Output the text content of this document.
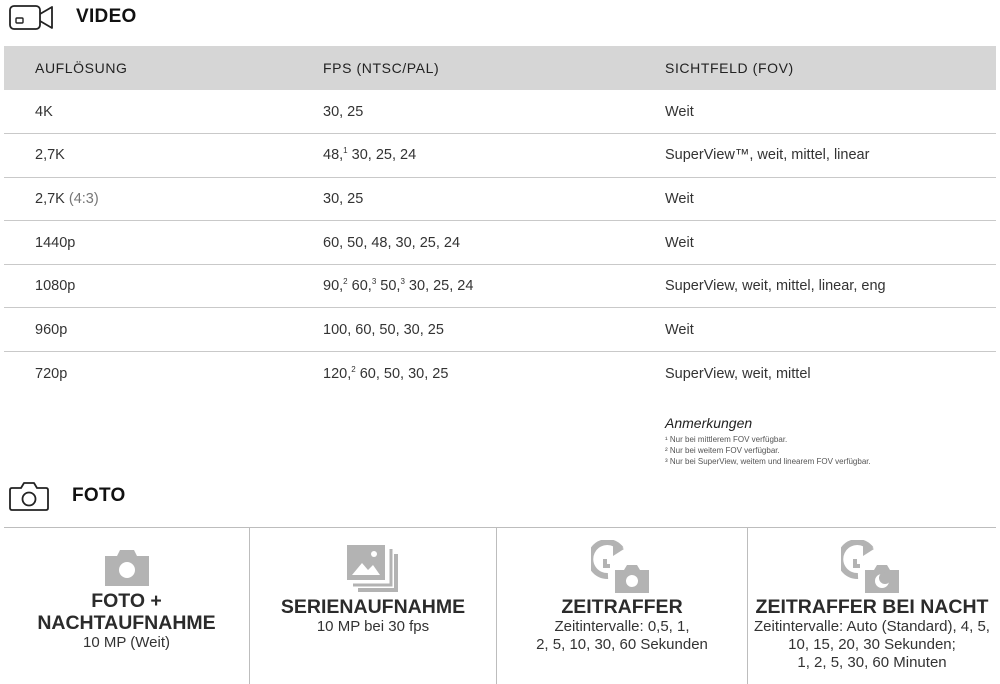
VIDEO
AUFLÖSUNG	FPS (NTSC/PAL)	SICHTFELD (FOV)
4K	30, 25	Weit
2,7K	48,$^1$ 30, 25, 24	SuperView™, weit, mittel, linear
2,7K (4:3)	30, 25	Weit
1440p	60, 50, 48, 30, 25, 24	Weit
1080p	90,$^2$ 60,$^3$ 50,$^3$ 30, 25, 24	SuperView, weit, mittel, linear, eng
960p	100, 60, 50, 30, 25	Weit
720p	120,$^2$ 60, 50, 30, 25	SuperView, weit, mittel
Anmerkungen
¹ Nur bei mittlerem FOV verfügbar.
² Nur bei weitem FOV verfügbar.
³ Nur bei SuperView, weitem und linearem FOV verfügbar.
FOTO
FOTO +
NACHTAUFNAHME
10 MP (Weit)
SERIENAUFNAHME
10 MP bei 30 fps
ZEITRAFFER
Zeitintervalle: 0,5, 1,
2, 5, 10, 30, 60 Sekunden
ZEITRAFFER BEI NACHT
Zeitintervalle: Auto (Standard), 4, 5,
10, 15, 20, 30 Sekunden;
1, 2, 5, 30, 60 Minuten
